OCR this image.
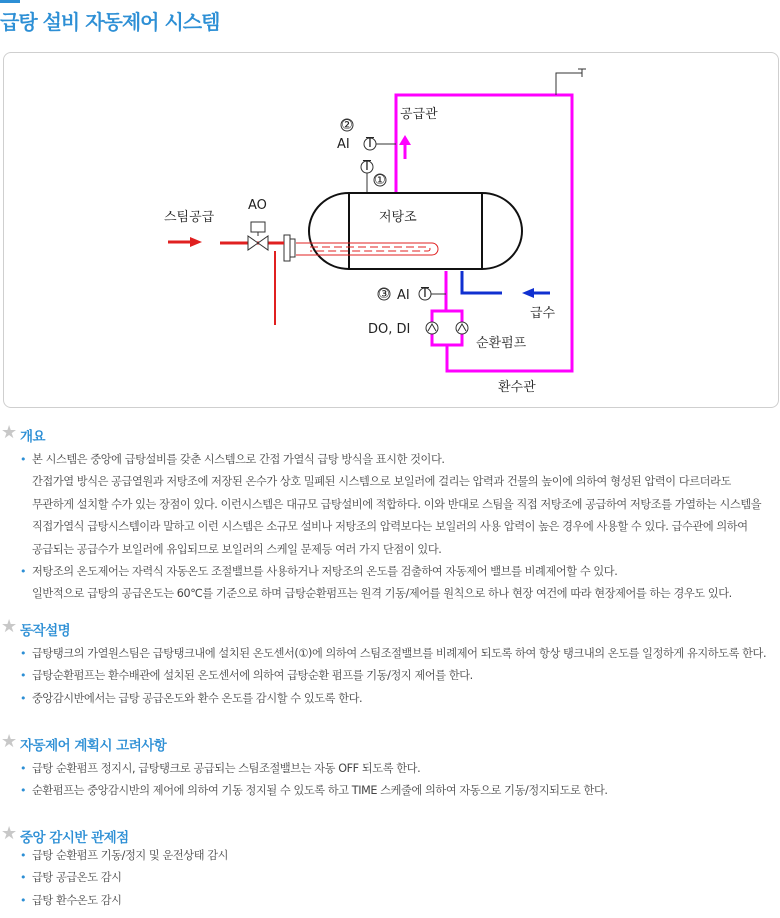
급탕 설비 자동제어 시스템
②
AI T
공급관
T
①
저탕조
스팀공급
AO
급수
③ AI T
DO, DI
순환펌프
환수관
★ 개요
• 본 시스템은 중앙에 급탕설비를 갖춘 시스템으로 간접 가열식 급탕 방식을 표시한 것이다.
간접가열 방식은 공급열원과 저탕조에 저장된 온수가 상호 밀폐된 시스템으로 보일러에 걸리는 압력과 건물의 높이에 의하여 형성된 압력이 다르더라도
무관하게 설치할 수가 있는 장점이 있다. 이런시스템은 대규모 급탕설비에 적합하다. 이와 반대로 스팀을 직접 저탕조에 공급하여 저탕조를 가열하는 시스템을
직접가열식 급탕시스템이라 말하고 이런 시스템은 소규모 설비나 저탕조의 압력보다는 보일러의 사용 압력이 높은 경우에 사용할 수 있다. 급수관에 의하여
공급되는 공급수가 보일러에 유입되므로 보일러의 스케일 문제등 여러 가지 단점이 있다.
• 저탕조의 온도제어는 자력식 자동온도 조절밸브를 사용하거나 저탕조의 온도를 검출하여 자동제어 밸브를 비례제어할 수 있다.
일반적으로 급탕의 공급온도는 60℃를 기준으로 하며 급탕순환펌프는 원격 기동/제어를 원칙으로 하나 현장 여건에 따라 현장제어를 하는 경우도 있다.
★ 동작설명
• 급탕탱크의 가열원스팀은 급탕탱크내에 설치된 온도센서(①)에 의하여 스팀조절밸브를 비례제어 되도록 하여 항상 탱크내의 온도를 일정하게 유지하도록 한다.
• 급탕순환펌프는 환수배관에 설치된 온도센서에 의하여 급탕순환 펌프를 기동/정지 제어를 한다.
• 중앙감시반에서는 급탕 공급온도와 환수 온도를 감시할 수 있도록 한다.
★ 자동제어 계획시 고려사항
• 급탕 순환펌프 정지시, 급탕탱크로 공급되는 스팀조절밸브는 자동 OFF 되도록 한다.
• 순환펌프는 중앙감시반의 제어에 의하여 기동 정지될 수 있도록 하고 TIME 스케줄에 의하여 자동으로 기동/정지되도로 한다.
★ 중앙 감시반 관제점
• 급탕 순환펌프 기동/정지 및 운전상태 감시
• 급탕 공급온도 감시
• 급탕 환수온도 감시
